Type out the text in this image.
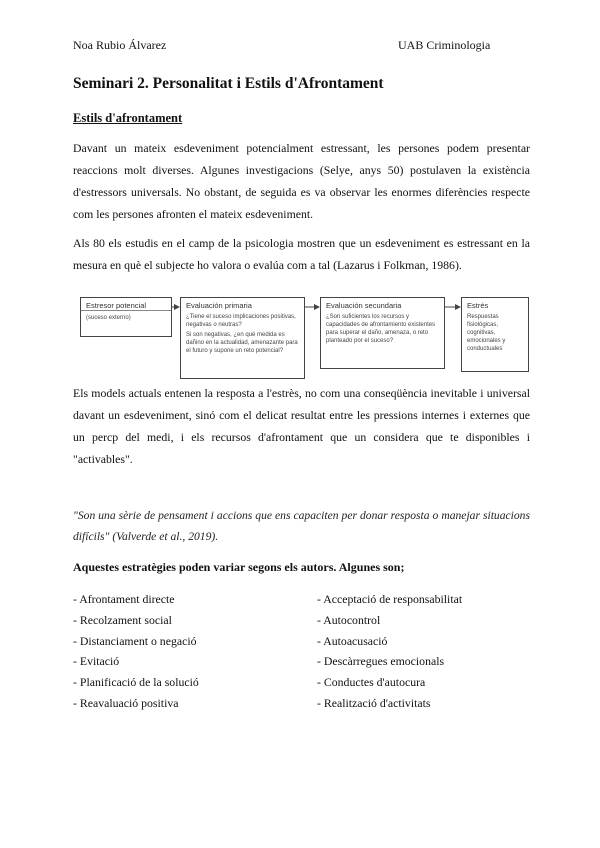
Noa Rubio Álvarez	UAB Criminologia
Seminari 2. Personalitat i Estils d'Afrontament
Estils d'afrontament

Davant un mateix esdeveniment potencialment estressant, les persones podem presentar reaccions molt diverses. Algunes investigacions (Selye, anys 50) postulaven la existència d'estressors universals. No obstant, de seguida es va observar les enormes diferències respecte com les persones afronten el mateix esdeveniment.

Als 80 els estudis en el camp de la psicologia mostren que un esdeveniment es estressant en la mesura en què el subjecte ho valora o evalúa com a tal (Lazarus i Folkman, 1986).

Estresor potencial
(suceso externo)
Evaluación primaria
¿Tiene el suceso implicaciones positivas, negativas o neutras?
Si son negativas, ¿en qué medida es dañino en la actualidad, amenazante para el futuro y supone un reto potencial?
Evaluación secundaria
¿Son suficientes los recursos y capacidades de afrontamiento existentes para superar el daño, amenaza, o reto planteado por el suceso?
Estrés
Respuestas fisiológicas, cognitivas, emocionales y conductuales

Els models actuals entenen la resposta a l'estrès, no com una conseqüència inevitable i universal davant un esdeveniment, sinó com el delicat resultat entre les pressions internes i externes que un percp del medi, i els recursos d'afrontament que un considera que te disponibles i "activables".

"Son una sèrie de pensament i accions que ens capaciten per donar resposta o manejar situacions difícils" (Valverde et al., 2019).

Aquestes estratègies poden variar segons els autors. Algunes son;

- Afrontament directe
- Recolzament social
- Distanciament o negació
- Evitació
- Planificació de la solució
- Reavaluació positiva
- Acceptació de responsabilitat
- Autocontrol
- Autoacusació
- Descàrregues emocionals
- Conductes d'autocura
- Realització d'activitats
